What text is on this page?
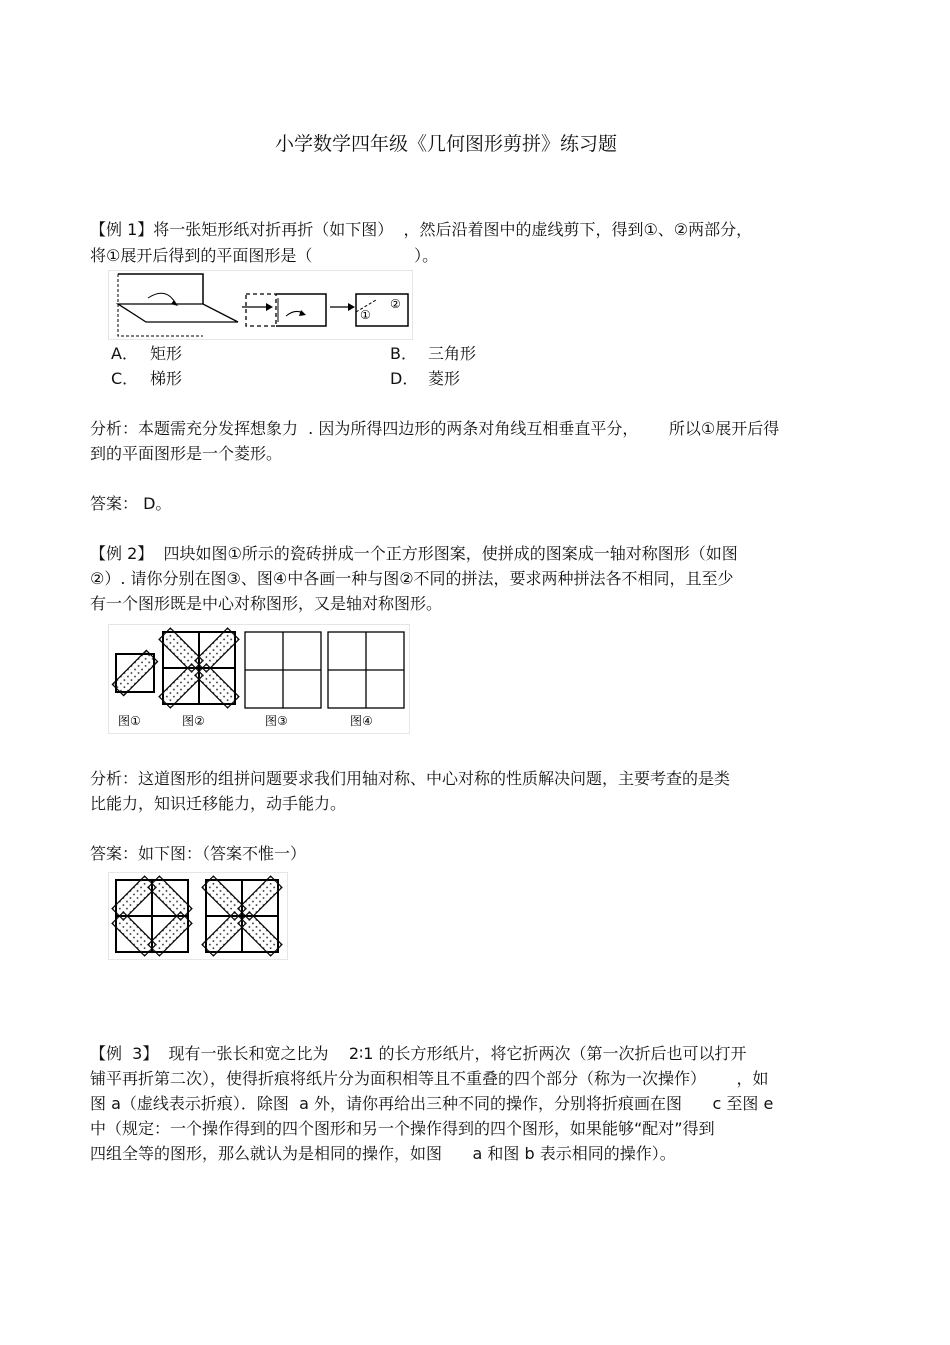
小学数学四年级《几何图形剪拼》练习题
【例 1】将一张矩形纸对折再折（如下图）  ，然后沿着图中的虚线剪下，得到①、②两部分，
将①展开后得到的平面图形是（                    ）。
①
②
A． 矩形	B． 三角形
C． 梯形	D． 菱形
分析：本题需充分发挥想象力  . 因为所得四边形的两条对角线互相垂直平分，      所以①展开后得
到的平面图形是一个菱形。
答案： D。
【例 2】  四块如图①所示的瓷砖拼成一个正方形图案，使拼成的图案成一轴对称图形（如图
②）. 请你分别在图③、图④中各画一种与图②不同的拼法，要求两种拼法各不相同，且至少
有一个图形既是中心对称图形，又是轴对称图形。
图①	图②	图③	图④
分析：这道图形的组拼问题要求我们用轴对称、中心对称的性质解决问题，主要考查的是类
比能力，知识迁移能力，动手能力。
答案：如下图：（答案不惟一）
【例  3】  现有一张长和宽之比为    2∶1 的长方形纸片，将它折两次（第一次折后也可以打开
铺平再折第二次），使得折痕将纸片分为面积相等且不重叠的四个部分（称为一次操作）      ，如
图 a（虚线表示折痕）．除图  a 外，请你再给出三种不同的操作，分别将折痕画在图      c 至图 e
中（规定：一个操作得到的四个图形和另一个操作得到的四个图形，如果能够“配对”得到
四组全等的图形，那么就认为是相同的操作，如图      a 和图 b 表示相同的操作）。
